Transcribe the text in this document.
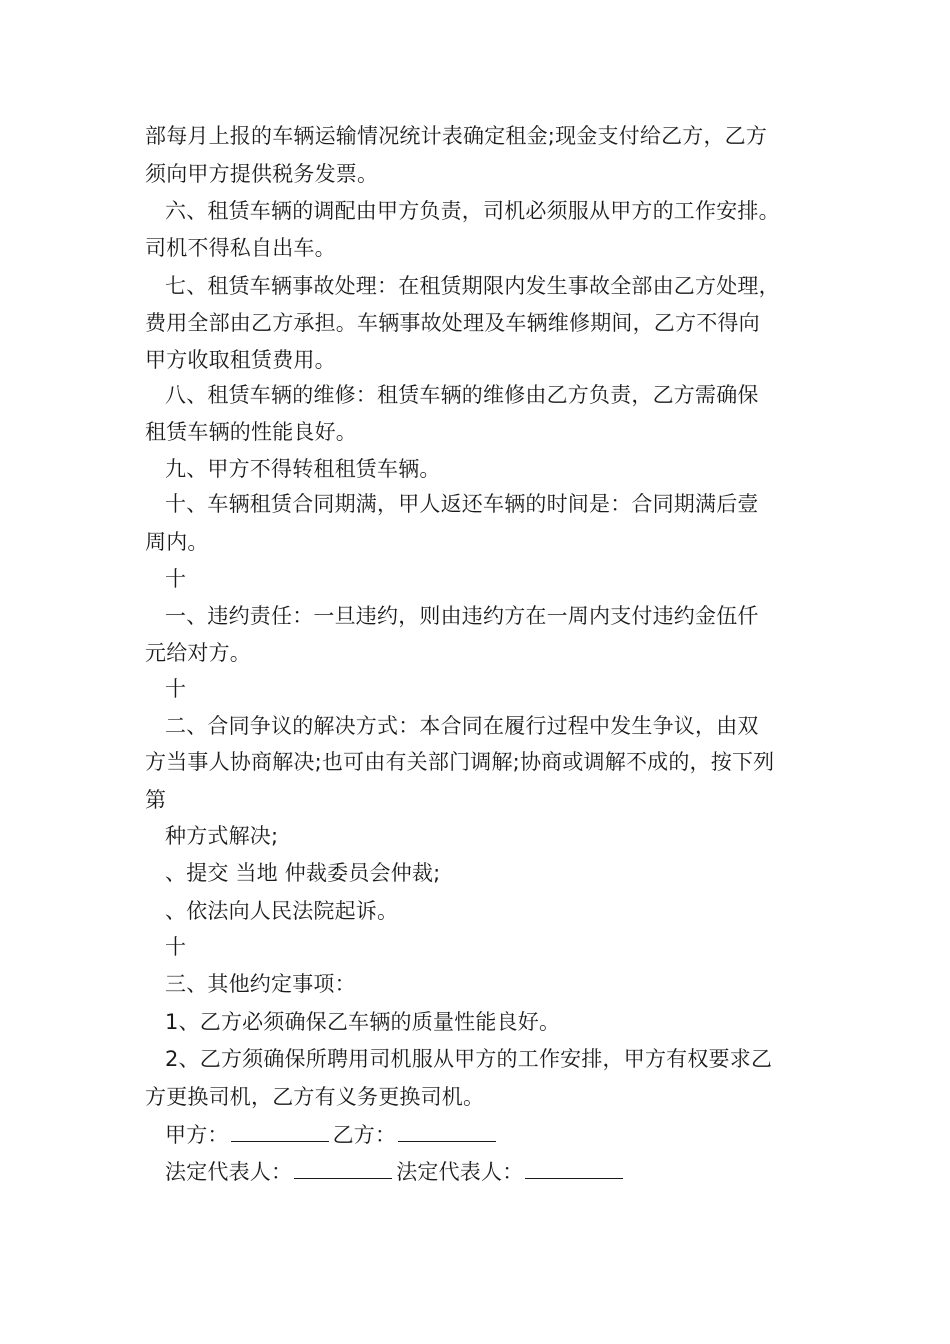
部每月上报的车辆运输情况统计表确定租金;现金支付给乙方，乙方
须向甲方提供税务发票。
六、租赁车辆的调配由甲方负责，司机必须服从甲方的工作安排。
司机不得私自出车。
七、租赁车辆事故处理：在租赁期限内发生事故全部由乙方处理，
费用全部由乙方承担。车辆事故处理及车辆维修期间，乙方不得向
甲方收取租赁费用。
八、租赁车辆的维修：租赁车辆的维修由乙方负责，乙方需确保
租赁车辆的性能良好。
九、甲方不得转租租赁车辆。
十、车辆租赁合同期满，甲人返还车辆的时间是：合同期满后壹
周内。
十
一、违约责任：一旦违约，则由违约方在一周内支付违约金伍仟
元给对方。
十
二、合同争议的解决方式：本合同在履行过程中发生争议，由双
方当事人协商解决;也可由有关部门调解;协商或调解不成的，按下列
第
种方式解决;
、提交 当地 仲裁委员会仲裁;
、依法向人民法院起诉。
十
三、其他约定事项：
1、乙方必须确保乙车辆的质量性能良好。
2、乙方须确保所聘用司机服从甲方的工作安排，甲方有权要求乙
方更换司机，乙方有义务更换司机。
甲方：	乙方：
法定代表人：	法定代表人：
